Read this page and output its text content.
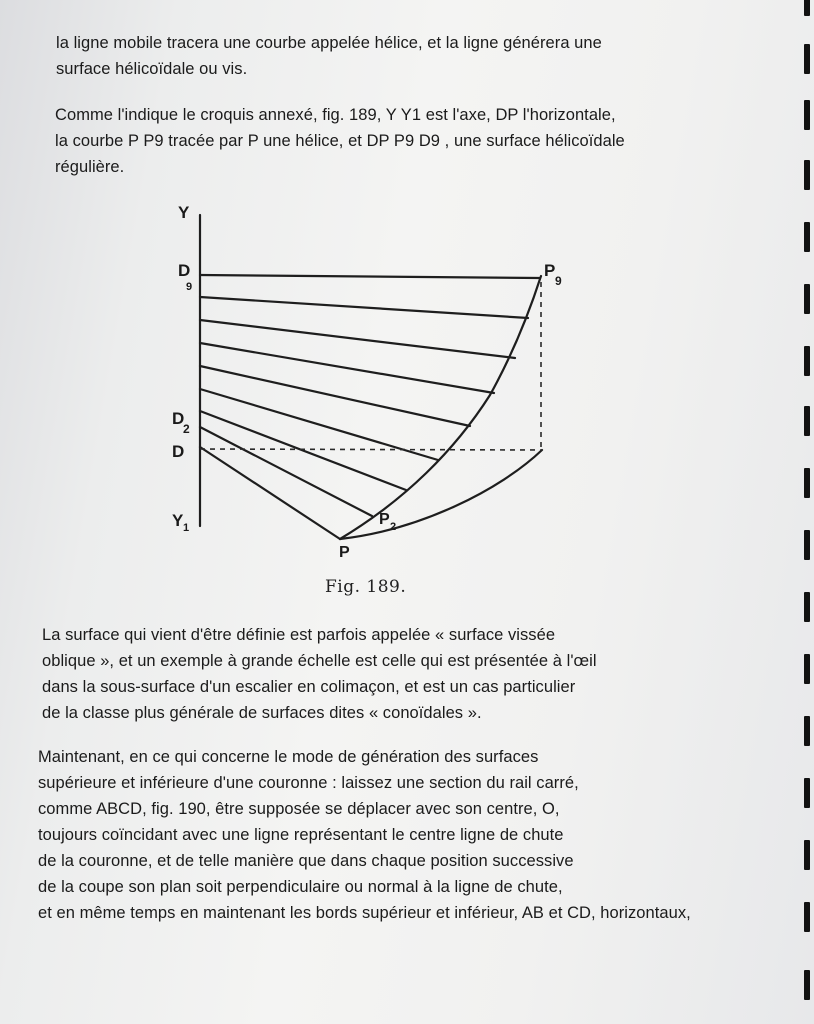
la ligne mobile tracera une courbe appelée hélice, et la ligne générera une
surface hélicoïdale ou vis.
Comme l'indique le croquis annexé, fig. 189, Y Y1 est l'axe, DP l'horizontale,
la courbe P P9 tracée par P une hélice, et DP P9 D9 , une surface hélicoïdale
régulière.
Y
D
9
D
2
D
Y 1
P
9
P 2
P
Fig. 189.
La surface qui vient d'être définie est parfois appelée « surface vissée
oblique », et un exemple à grande échelle est celle qui est présentée à l'œil
dans la sous-surface d'un escalier en colimaçon, et est un cas particulier
de la classe plus générale de surfaces dites « conoïdales ».
Maintenant, en ce qui concerne le mode de génération des surfaces
supérieure et inférieure d'une couronne : laissez une section du rail carré,
comme ABCD, fig. 190, être supposée se déplacer avec son centre, O,
toujours coïncidant avec une ligne représentant le centre ligne de chute
de la couronne, et de telle manière que dans chaque position successive
de la coupe son plan soit perpendiculaire ou normal à la ligne de chute,
et en même temps en maintenant les bords supérieur et inférieur, AB et CD, horizontaux,
